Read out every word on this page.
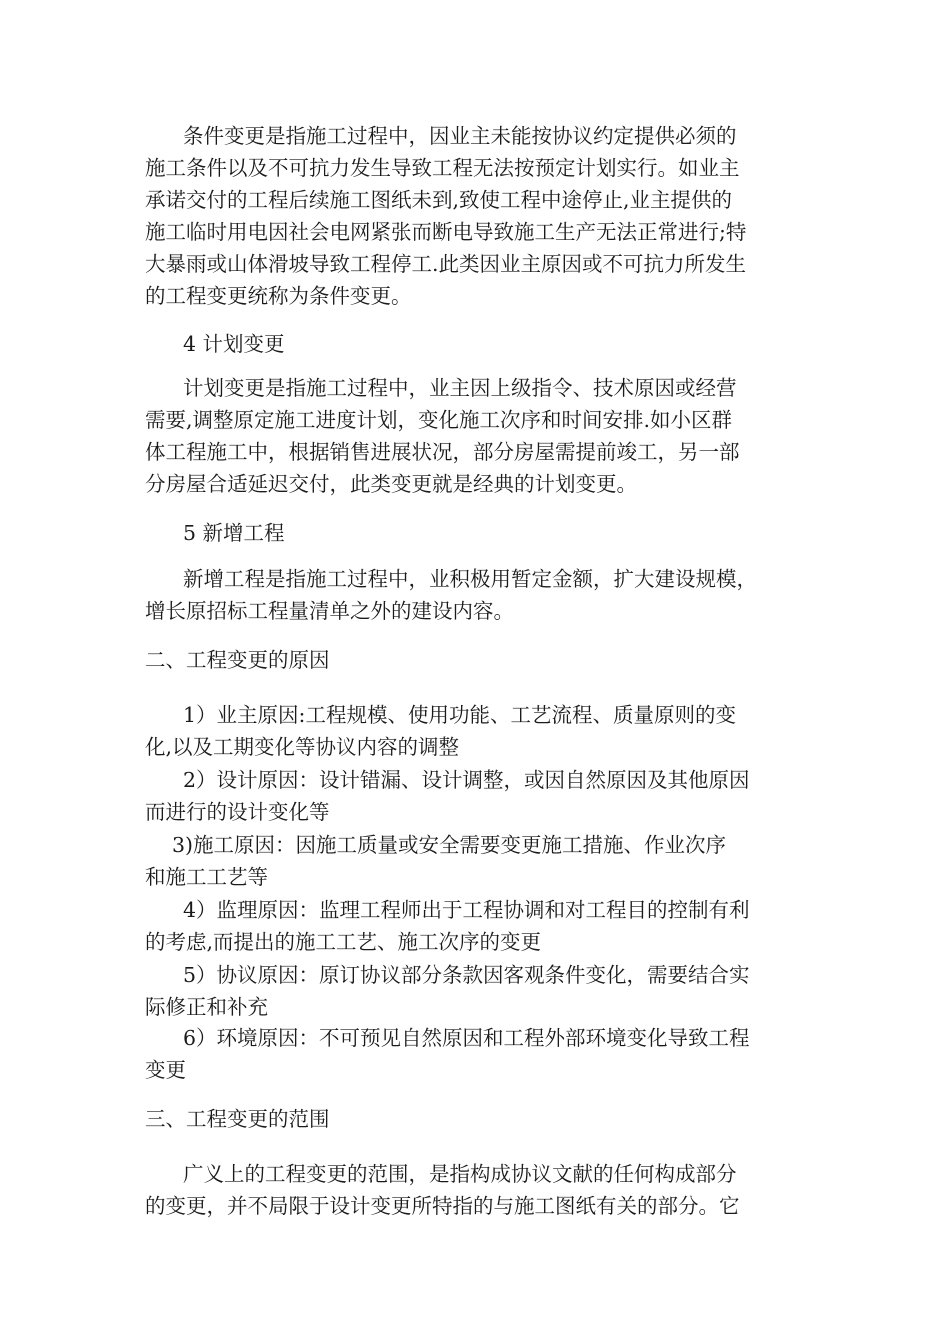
条件变更是指施工过程中，因业主未能按协议约定提供必须的
施工条件以及不可抗力发生导致工程无法按预定计划实行。如业主
承诺交付的工程后续施工图纸未到,致使工程中途停止,业主提供的
施工临时用电因社会电网紧张而断电导致施工生产无法正常进行;特
大暴雨或山体滑坡导致工程停工.此类因业主原因或不可抗力所发生
的工程变更统称为条件变更。
4 计划变更
计划变更是指施工过程中，业主因上级指令、技术原因或经营
需要,调整原定施工进度计划，变化施工次序和时间安排.如小区群
体工程施工中，根据销售进展状况，部分房屋需提前竣工，另一部
分房屋合适延迟交付，此类变更就是经典的计划变更。
5 新增工程
新增工程是指施工过程中，业积极用暂定金额，扩大建设规模，
增长原招标工程量清单之外的建设内容。
二、工程变更的原因
1）业主原因:工程规模、使用功能、工艺流程、质量原则的变
化,以及工期变化等协议内容的调整
2）设计原因：设计错漏、设计调整，或因自然原因及其他原因
而进行的设计变化等
3)施工原因：因施工质量或安全需要变更施工措施、作业次序
和施工工艺等
4）监理原因：监理工程师出于工程协调和对工程目的控制有利
的考虑,而提出的施工工艺、施工次序的变更
5）协议原因：原订协议部分条款因客观条件变化，需要结合实
际修正和补充
6）环境原因：不可预见自然原因和工程外部环境变化导致工程
变更
三、工程变更的范围
广义上的工程变更的范围，是指构成协议文献的任何构成部分
的变更，并不局限于设计变更所特指的与施工图纸有关的部分。它
